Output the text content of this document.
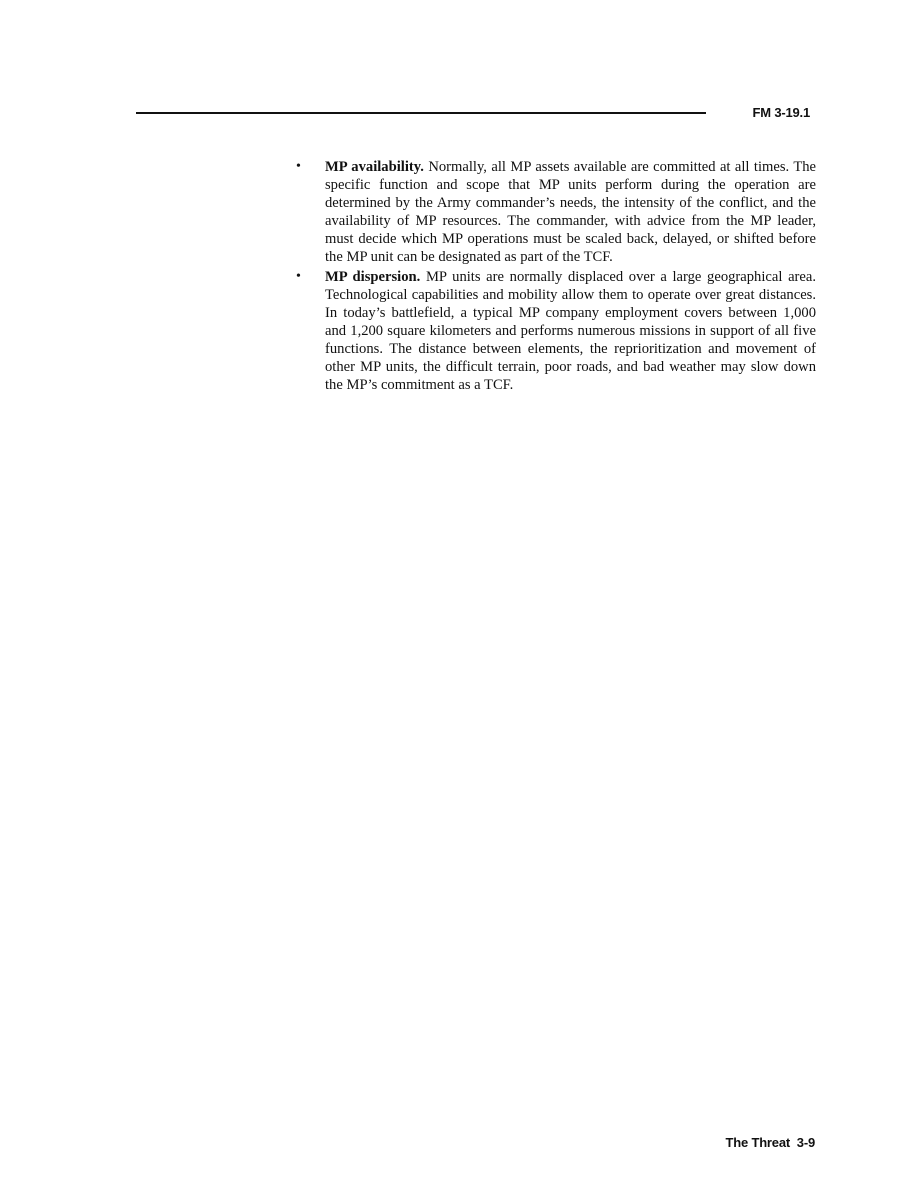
FM 3-19.1
• MP availability. Normally, all MP assets available are committed at all times. The specific function and scope that MP units perform during the operation are determined by the Army commander’s needs, the intensity of the conflict, and the availability of MP resources. The commander, with advice from the MP leader, must decide which MP operations must be scaled back, delayed, or shifted before the MP unit can be designated as part of the TCF.
• MP dispersion. MP units are normally displaced over a large geographical area. Technological capabilities and mobility allow them to operate over great distances. In today’s battlefield, a typical MP company employment covers between 1,000 and 1,200 square kilometers and performs numerous missions in support of all five functions. The distance between elements, the reprioritization and movement of other MP units, the difficult terrain, poor roads, and bad weather may slow down the MP’s commitment as a TCF.
The Threat  3-9
